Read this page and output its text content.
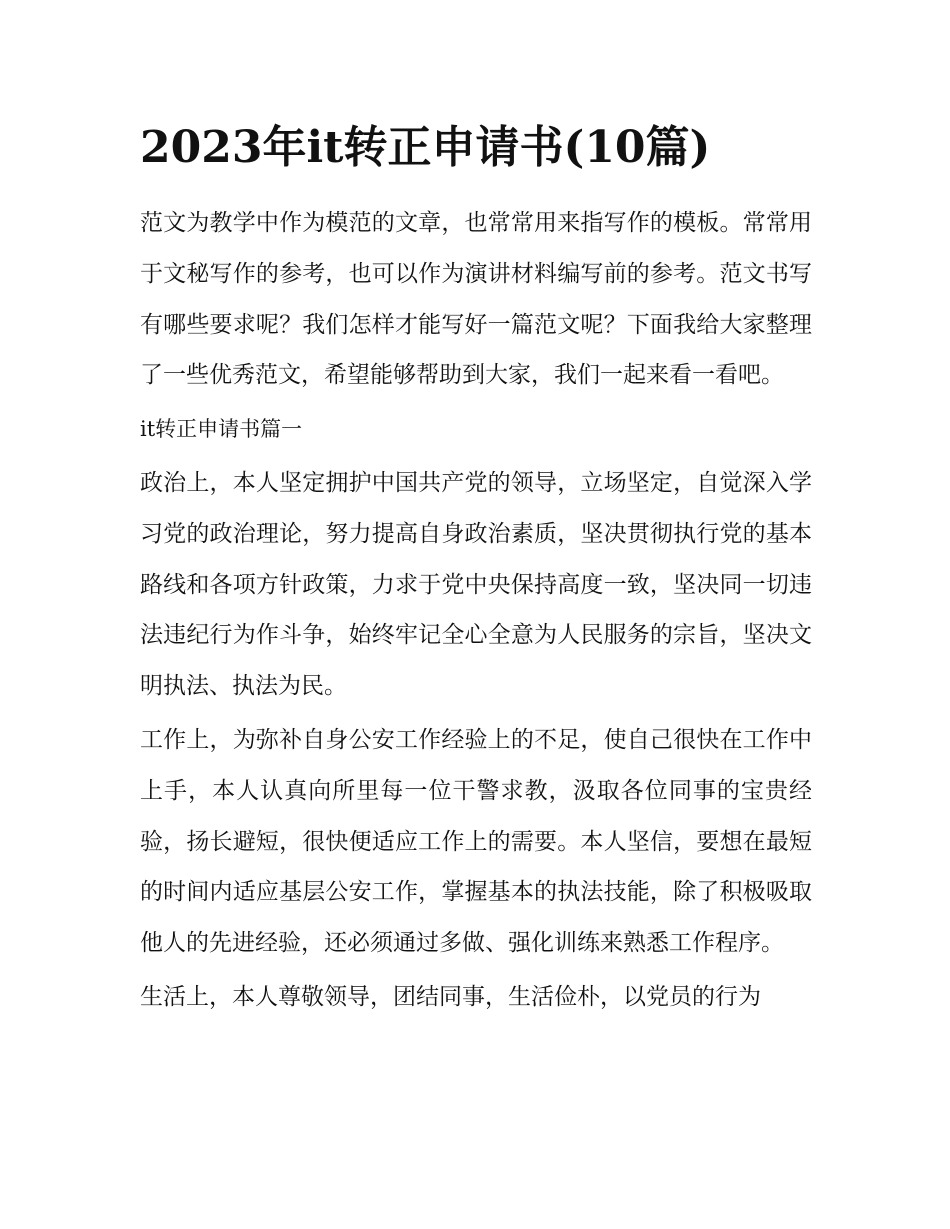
2023年it转正申请书(10篇)

范文为教学中作为模范的文章，也常常用来指写作的模板。常常用于文秘写作的参考，也可以作为演讲材料编写前的参考。范文书写有哪些要求呢？我们怎样才能写好一篇范文呢？下面我给大家整理了一些优秀范文，希望能够帮助到大家，我们一起来看一看吧。

it转正申请书篇一

政治上，本人坚定拥护中国共产党的领导，立场坚定，自觉深入学习党的政治理论，努力提高自身政治素质，坚决贯彻执行党的基本路线和各项方针政策，力求于党中央保持高度一致，坚决同一切违法违纪行为作斗争，始终牢记全心全意为人民服务的宗旨，坚决文明执法、执法为民。

工作上，为弥补自身公安工作经验上的不足，使自己很快在工作中上手，本人认真向所里每一位干警求教，汲取各位同事的宝贵经验，扬长避短，很快便适应工作上的需要。本人坚信，要想在最短的时间内适应基层公安工作，掌握基本的执法技能，除了积极吸取他人的先进经验，还必须通过多做、强化训练来熟悉工作程序。

生活上，本人尊敬领导，团结同事，生活俭朴，以党员的行为
